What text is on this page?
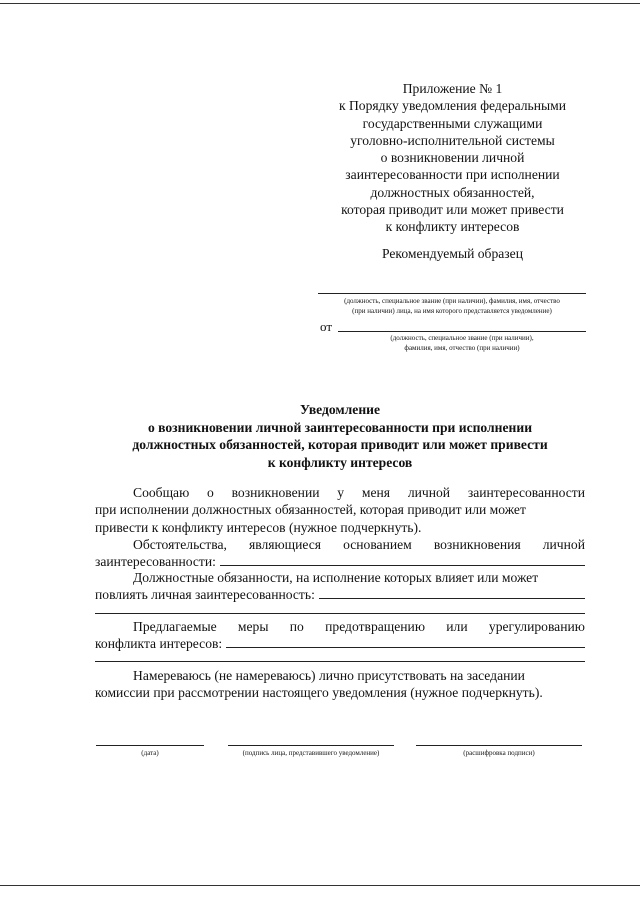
Приложение № 1
к Порядку уведомления федеральными
государственными служащими
уголовно-исполнительной системы
о возникновении личной
заинтересованности при исполнении
должностных обязанностей,
которая приводит или может привести
к конфликту интересов
Рекомендуемый образец
(должность, специальное звание (при наличии), фамилия, имя, отчество
(при наличии) лица, на имя которого представляется уведомление)
от
(должность, специальное звание (при наличии),
фамилия, имя, отчество (при наличии)
Уведомление
о возникновении личной заинтересованности при исполнении
должностных обязанностей, которая приводит или может привести
к конфликту интересов
Сообщаю о возникновении у меня личной заинтересованности
при исполнении должностных обязанностей, которая приводит или может
привести к конфликту интересов (нужное подчеркнуть).
Обстоятельства, являющиеся основанием возникновения личной
заинтересованности:
Должностные обязанности, на исполнение которых влияет или может
повлиять личная заинтересованность:
Предлагаемые меры по предотвращению или урегулированию
конфликта интересов:
Намереваюсь (не намереваюсь) лично присутствовать на заседании
комиссии при рассмотрении настоящего уведомления (нужное подчеркнуть).
(дата)	(подпись лица, представившего уведомление)	(расшифровка подписи)
